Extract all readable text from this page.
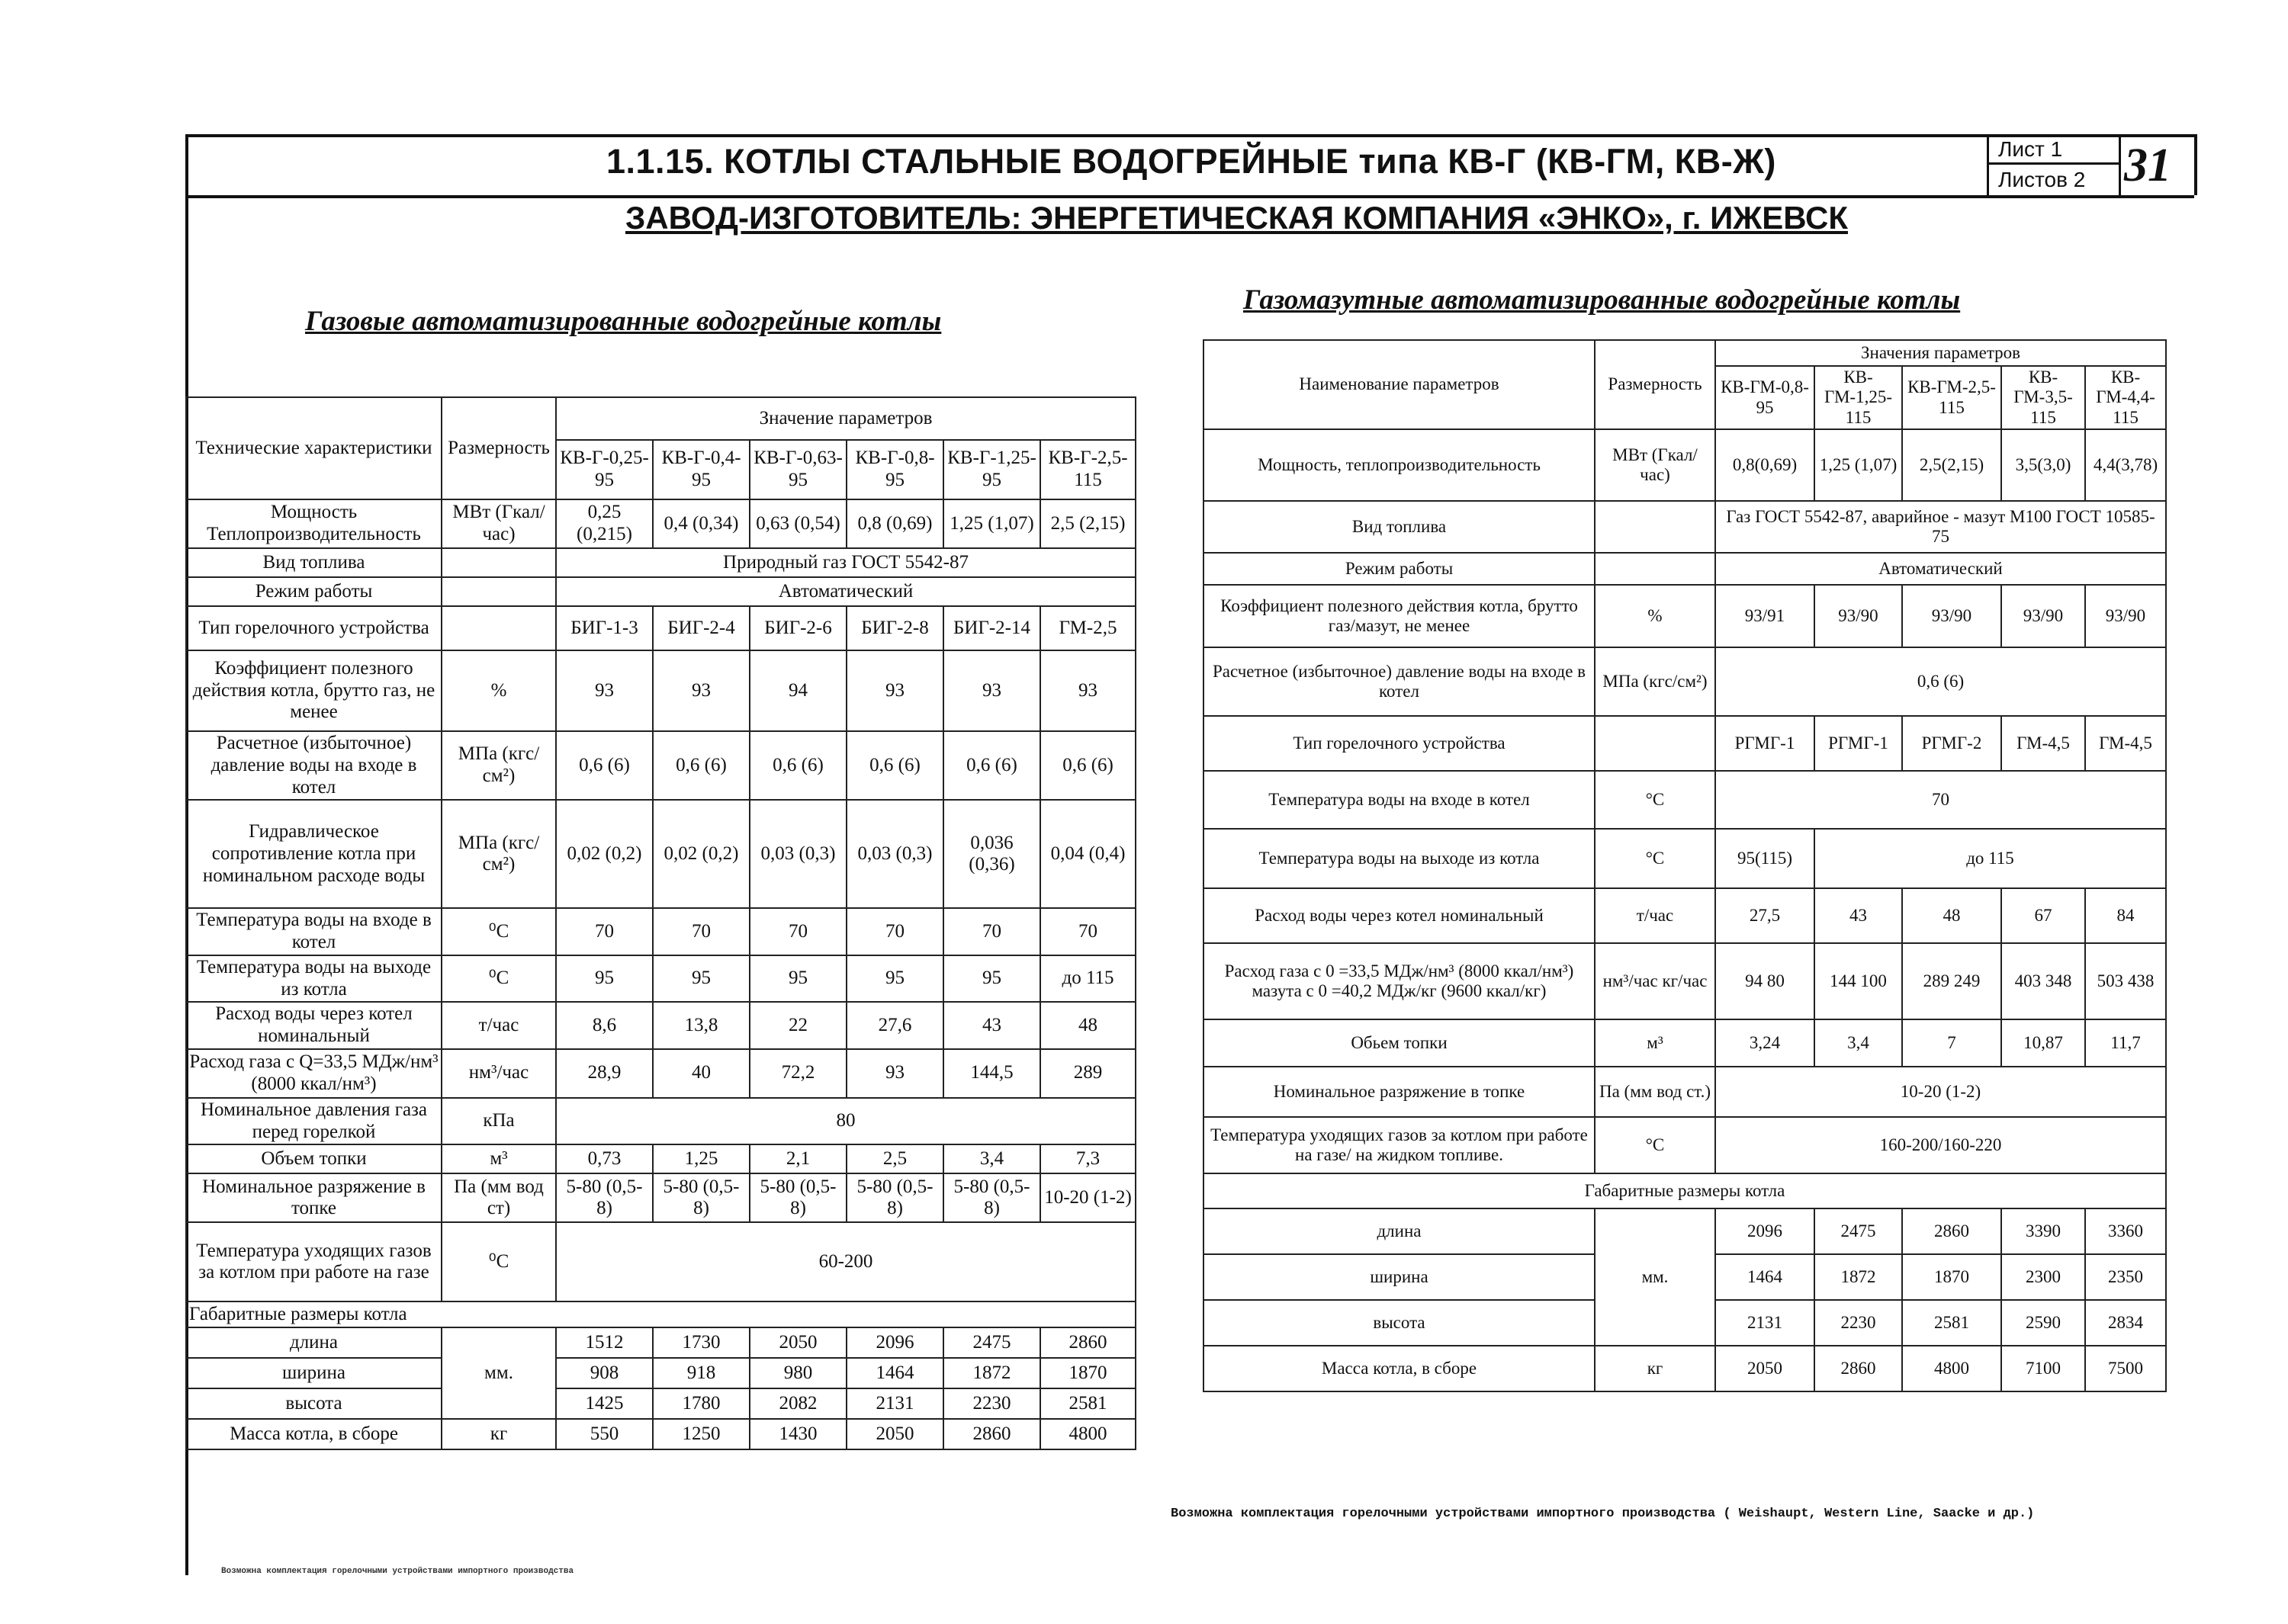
1.1.15. КОТЛЫ СТАЛЬНЫЕ ВОДОГРЕЙНЫЕ типа КВ-Г (КВ-ГМ, КВ-Ж)	Лист 1
Листов 2 31
ЗАВОД-ИЗГОТОВИТЕЛЬ: ЭНЕРГЕТИЧЕСКАЯ КОМПАНИЯ «ЭНКО», г. ИЖЕВСК
Газовые автоматизированные водогрейные котлы
Газомазутные автоматизированные водогрейные котлы
Технические характеристики	Размерность	Значение параметров					
		КВ-Г-0,25-95	КВ-Г-0,4-95	КВ-Г-0,63-95	КВ-Г-0,8-95	КВ-Г-1,25-95	КВ-Г-2,5-115
Мощность Теплопроизводительность	МВт (Гкал/час)	0,25 (0,215)	0,4 (0,34)	0,63 (0,54)	0,8 (0,69)	1,25 (1,07)	2,5 (2,15)
Вид топлива		Природный газ ГОСТ 5542-87					
Режим работы		Автоматический					
Тип горелочного устройства		БИГ-1-3	БИГ-2-4	БИГ-2-6	БИГ-2-8	БИГ-2-14	ГМ-2,5
Коэффициент полезного действия котла, брутто газ, не менее	%	93	93	94	93	93	93
Расчетное (избыточное) давление воды на входе в котел	МПа (кгс/см²)	0,6 (6)	0,6 (6)	0,6 (6)	0,6 (6)	0,6 (6)	0,6 (6)
Гидравлическое сопротивление котла при номинальном расходе воды	МПа (кгс/см²)	0,02 (0,2)	0,02 (0,2)	0,03 (0,3)	0,03 (0,3)	0,036 (0,36)	0,04 (0,4)
Температура воды на входе в котел	⁰С	70	70	70	70	70	70
Температура воды на выходе из котла	⁰С	95	95	95	95	95	до 115
Расход воды через котел номинальный	т/час	8,6	13,8	22	27,6	43	48
Расход газа с Q=33,5 МДж/нм³ (8000 ккал/нм³)	нм³/час	28,9	40	72,2	93	144,5	289
Номинальное давления газа перед горелкой	кПа	80					
Объем топки	м³	0,73	1,25	2,1	2,5	3,4	7,3
Номинальное разряжение в топке	Па (мм вод ст)	5-80 (0,5-8)	5-80 (0,5-8)	5-80 (0,5-8)	5-80 (0,5-8)	5-80 (0,5-8)	10-20 (1-2)
Температура уходящих газов за котлом при работе на газе	⁰С	60-200					
Габаритные размеры котла							
длина	мм.	1512	1730	2050	2096	2475	2860
ширина		908	918	980	1464	1872	1870
высота		1425	1780	2082	2131	2230	2581
Масса котла, в сборе	кг	550	1250	1430	2050	2860	4800
Наименование параметров	Размерность	Значения параметров				
		КВ-ГМ-0,8-95	КВ-ГМ-1,25-115	КВ-ГМ-2,5-115	КВ-ГМ-3,5-115	КВ-ГМ-4,4-115
Мощность, теплопроизводительность	МВт (Гкал/час)	0,8(0,69)	1,25 (1,07)	2,5(2,15)	3,5(3,0)	4,4(3,78)
Вид топлива		Газ ГОСТ 5542-87, аварийное - мазут М100 ГОСТ 10585-75				
Режим работы		Автоматический				
Коэффициент полезного действия котла, брутто газ/мазут, не менее	%	93/91	93/90	93/90	93/90	93/90
Расчетное (избыточное) давление воды на входе в котел	МПа (кгс/см²)	0,6 (6)				
Тип горелочного устройства		РГМГ-1	РГМГ-1	РГМГ-2	ГМ-4,5	ГМ-4,5
Температура воды на входе в котел	°С	70				
Температура воды на выходе из котла	°С	95(115)	до 115			
Расход воды через котел номинальный	т/час	27,5	43	48	67	84
Расход газа с 0 =33,5 МДж/нм³ (8000 ккал/нм³) мазута с 0 =40,2 МДж/кг (9600 ккал/кг)	нм³/час кг/час	94 80	144 100	289 249	403 348	503 438
Обьем топки	м³	3,24	3,4	7	10,87	11,7
Номинальное разряжение в топке	Па (мм вод ст.)	10-20 (1-2)				
Температура уходящих газов за котлом при работе на газе/ на жидком топливе.	°С	160-200/160-220				
Габаритные размеры котла						
длина	мм.	2096	2475	2860	3390	3360
ширина		1464	1872	1870	2300	2350
высота		2131	2230	2581	2590	2834
Масса котла, в сборе	кг	2050	2860	4800	7100	7500
Возможна комплектация горелочными устройствами импортного производства ( Weishaupt, Western Line, Saacke и др.)
Возможна комплектация горелочными устройствами импортного производства
